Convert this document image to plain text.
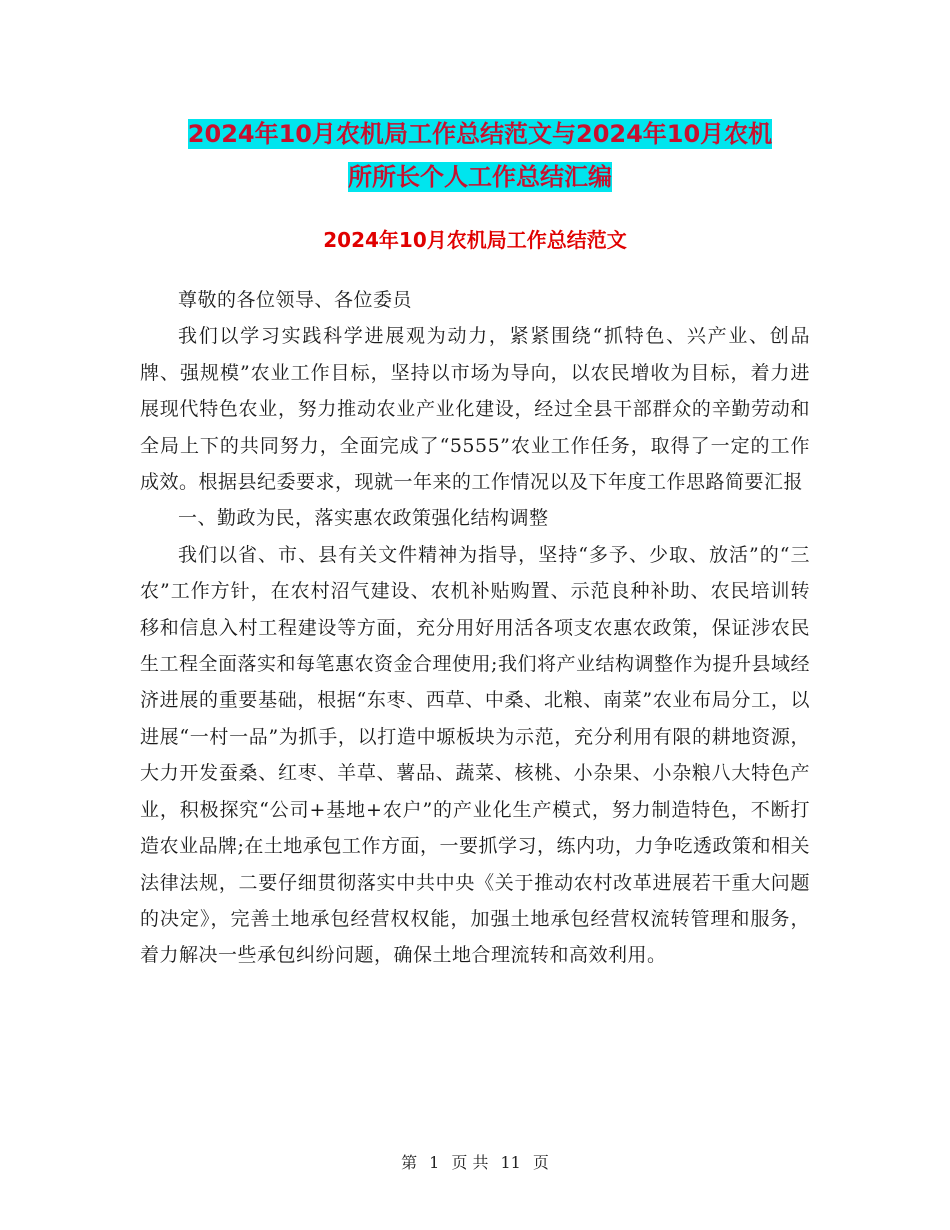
2024年10月农机局工作总结范文与2024年10月农机
所所长个人工作总结汇编
2024年10月农机局工作总结范文

尊敬的各位领导、各位委员

我们以学习实践科学进展观为动力，紧紧围绕“抓特色、兴产业、创品牌、强规模”农业工作目标，坚持以市场为导向，以农民增收为目标，着力进展现代特色农业，努力推动农业产业化建设，经过全县干部群众的辛勤劳动和全局上下的共同努力，全面完成了“5555”农业工作任务，取得了一定的工作成效。根据县纪委要求，现就一年来的工作情况以及下年度工作思路简要汇报

一、勤政为民，落实惠农政策强化结构调整

我们以省、市、县有关文件精神为指导，坚持“多予、少取、放活”的“三农”工作方针，在农村沼气建设、农机补贴购置、示范良种补助、农民培训转移和信息入村工程建设等方面，充分用好用活各项支农惠农政策，保证涉农民生工程全面落实和每笔惠农资金合理使用;我们将产业结构调整作为提升县域经济进展的重要基础，根据“东枣、西草、中桑、北粮、南菜”农业布局分工，以进展“一村一品”为抓手，以打造中塬板块为示范，充分利用有限的耕地资源，大力开发蚕桑、红枣、羊草、薯品、蔬菜、核桃、小杂果、小杂粮八大特色产业，积极探究“公司+基地+农户”的产业化生产模式，努力制造特色，不断打造农业品牌;在土地承包工作方面，一要抓学习，练内功，力争吃透政策和相关法律法规，二要仔细贯彻落实中共中央《关于推动农村改革进展若干重大问题的决定》，完善土地承包经营权权能，加强土地承包经营权流转管理和服务，着力解决一些承包纠纷问题，确保土地合理流转和高效利用。

第 1 页 共 11 页
